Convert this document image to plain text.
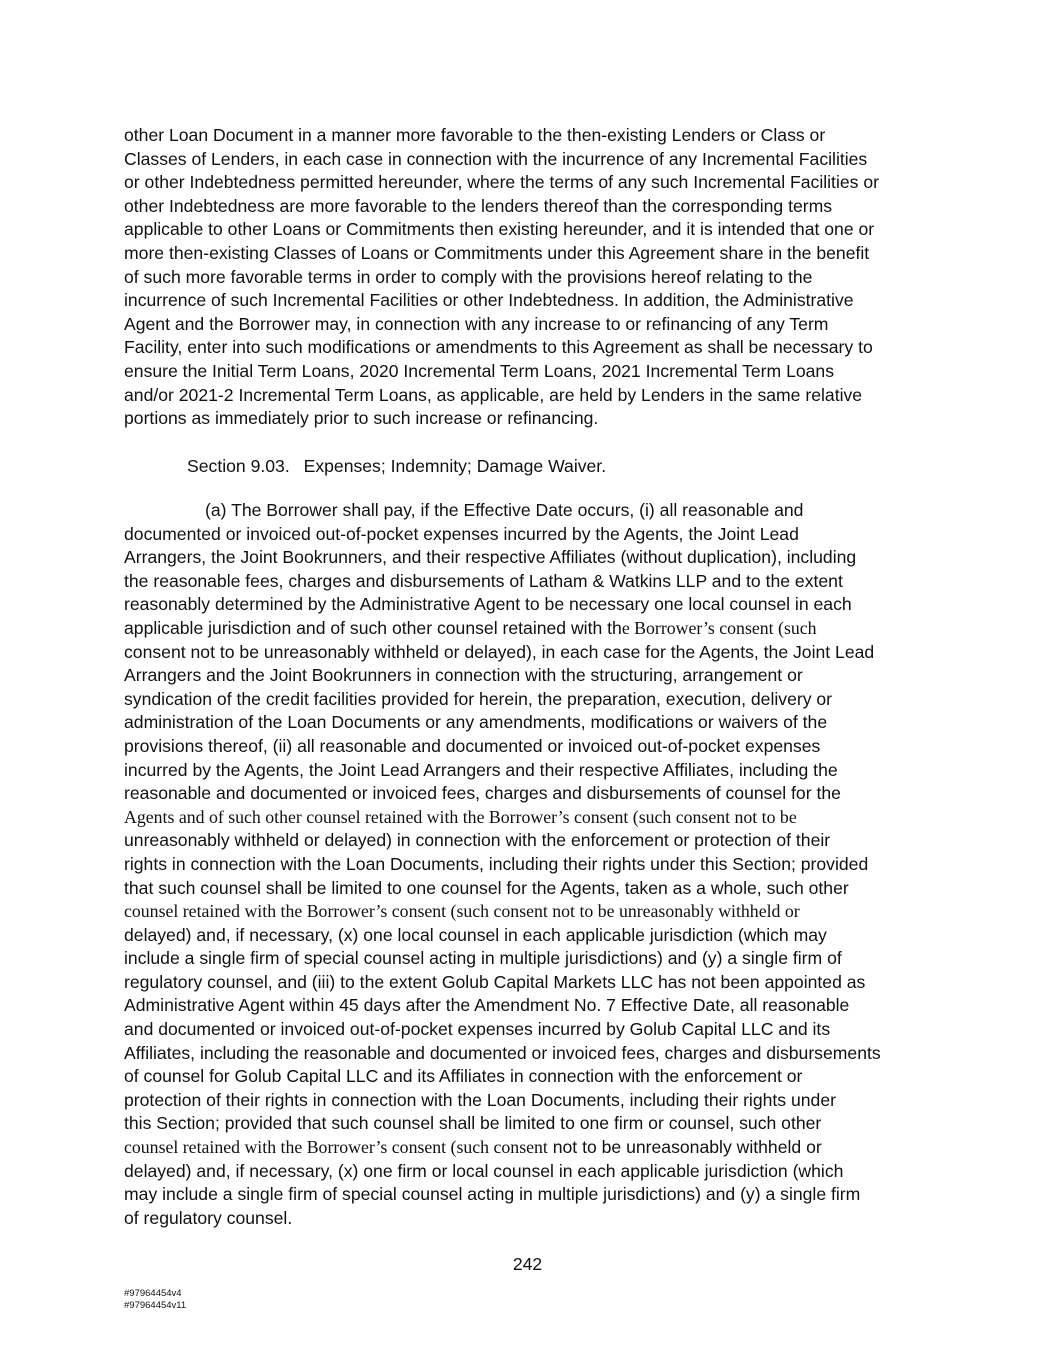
other Loan Document in a manner more favorable to the then-existing Lenders or Class or
Classes of Lenders, in each case in connection with the incurrence of any Incremental Facilities
or other Indebtedness permitted hereunder, where the terms of any such Incremental Facilities or
other Indebtedness are more favorable to the lenders thereof than the corresponding terms
applicable to other Loans or Commitments then existing hereunder, and it is intended that one or
more then-existing Classes of Loans or Commitments under this Agreement share in the benefit
of such more favorable terms in order to comply with the provisions hereof relating to the
incurrence of such Incremental Facilities or other Indebtedness. In addition, the Administrative
Agent and the Borrower may, in connection with any increase to or refinancing of any Term
Facility, enter into such modifications or amendments to this Agreement as shall be necessary to
ensure the Initial Term Loans, 2020 Incremental Term Loans, 2021 Incremental Term Loans
and/or 2021-2 Incremental Term Loans, as applicable, are held by Lenders in the same relative
portions as immediately prior to such increase or refinancing.

Section 9.03. Expenses; Indemnity; Damage Waiver.

(a) The Borrower shall pay, if the Effective Date occurs, (i) all reasonable and
documented or invoiced out-of-pocket expenses incurred by the Agents, the Joint Lead
Arrangers, the Joint Bookrunners, and their respective Affiliates (without duplication), including
the reasonable fees, charges and disbursements of Latham & Watkins LLP and to the extent
reasonably determined by the Administrative Agent to be necessary one local counsel in each
applicable jurisdiction and of such other counsel retained with the Borrower’s consent (such
consent not to be unreasonably withheld or delayed), in each case for the Agents, the Joint Lead
Arrangers and the Joint Bookrunners in connection with the structuring, arrangement or
syndication of the credit facilities provided for herein, the preparation, execution, delivery or
administration of the Loan Documents or any amendments, modifications or waivers of the
provisions thereof, (ii) all reasonable and documented or invoiced out-of-pocket expenses
incurred by the Agents, the Joint Lead Arrangers and their respective Affiliates, including the
reasonable and documented or invoiced fees, charges and disbursements of counsel for the
Agents and of such other counsel retained with the Borrower’s consent (such consent not to be
unreasonably withheld or delayed) in connection with the enforcement or protection of their
rights in connection with the Loan Documents, including their rights under this Section; provided
that such counsel shall be limited to one counsel for the Agents, taken as a whole, such other
counsel retained with the Borrower’s consent (such consent not to be unreasonably withheld or
delayed) and, if necessary, (x) one local counsel in each applicable jurisdiction (which may
include a single firm of special counsel acting in multiple jurisdictions) and (y) a single firm of
regulatory counsel, and (iii) to the extent Golub Capital Markets LLC has not been appointed as
Administrative Agent within 45 days after the Amendment No. 7 Effective Date, all reasonable
and documented or invoiced out-of-pocket expenses incurred by Golub Capital LLC and its
Affiliates, including the reasonable and documented or invoiced fees, charges and disbursements
of counsel for Golub Capital LLC and its Affiliates in connection with the enforcement or
protection of their rights in connection with the Loan Documents, including their rights under
this Section; provided that such counsel shall be limited to one firm or counsel, such other
counsel retained with the Borrower’s consent (such consent not to be unreasonably withheld or
delayed) and, if necessary, (x) one firm or local counsel in each applicable jurisdiction (which
may include a single firm of special counsel acting in multiple jurisdictions) and (y) a single firm
of regulatory counsel.
242
#97964454v4
#97964454v11
